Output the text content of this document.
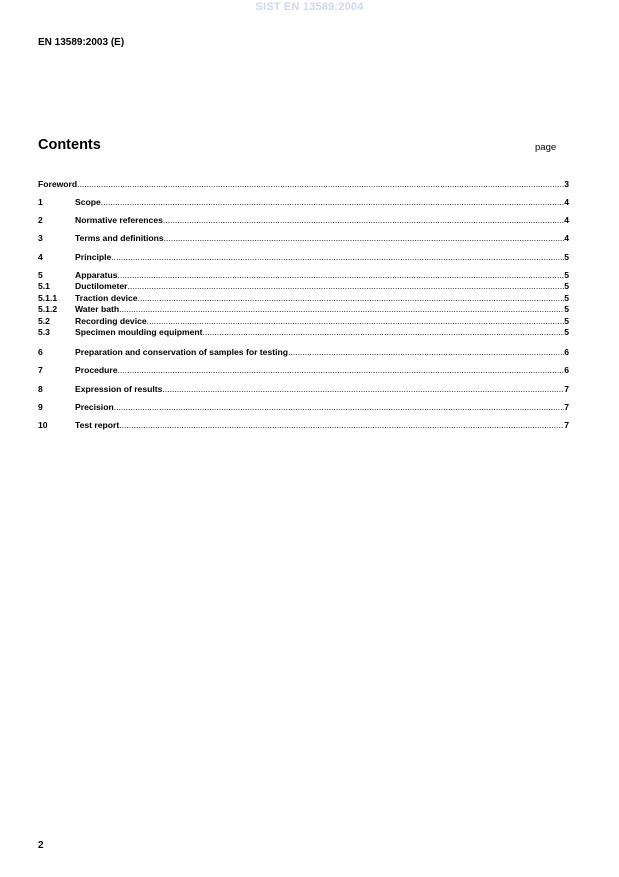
SIST EN 13589:2004
EN 13589:2003 (E)
Contents	page
Foreword .....	3
1	Scope .....	4
2	Normative references .....	4
3	Terms and definitions .....	4
4	Principle .....	5
5	Apparatus .....	5
5.1	Ductilometer .....	5
5.1.1	Traction device .....	5
5.1.2	Water bath .....	5
5.2	Recording device .....	5
5.3	Specimen moulding equipment .....	5
6	Preparation and conservation of samples for testing .....	6
7	Procedure .....	6
8	Expression of results .....	7
9	Precision .....	7
10	Test report .....	7
2
